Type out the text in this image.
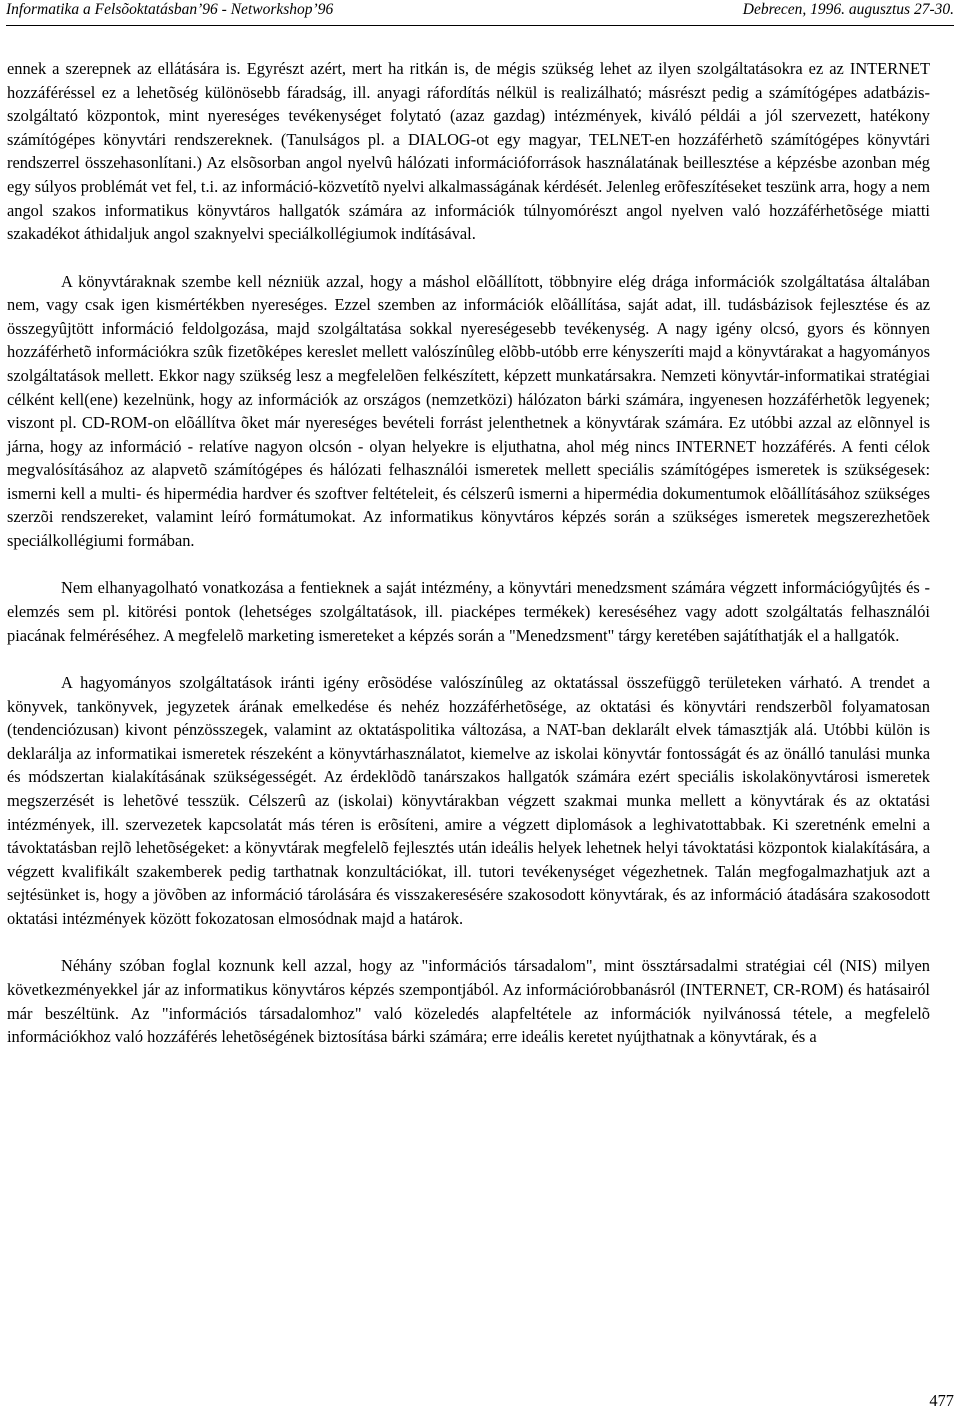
Informatika a Felsõoktatásban’96 - Networkshop’96	Debrecen, 1996. augusztus 27-30.

ennek a szerepnek az ellátására is. Egyrészt azért, mert ha ritkán is, de mégis szükség lehet az ilyen szolgáltatásokra ez az INTERNET hozzáféréssel ez a lehetõség különösebb fáradság, ill. anyagi ráfordítás nélkül is realizálható; másrészt pedig a számítógépes adatbázis-szolgáltató központok, mint nyereséges tevékenységet folytató (azaz gazdag) intézmények, kiváló példái a jól szervezett, hatékony számítógépes könyvtári rendszereknek. (Tanulságos pl. a DIALOG-ot egy magyar, TELNET-en hozzáférhetõ számítógépes könyvtári rendszerrel összehasonlítani.) Az elsõsorban angol nyelvû hálózati információforrások használatának beillesztése a képzésbe azonban még egy súlyos problémát vet fel, t.i. az információ-közvetítõ nyelvi alkalmasságának kérdését. Jelenleg erõfeszítéseket teszünk arra, hogy a nem angol szakos informatikus könyvtáros hallgatók számára az információk túlnyomórészt angol nyelven való hozzáférhetõsége miatti szakadékot áthidaljuk angol szaknyelvi speciálkollégiumok indításával.

A könyvtáraknak szembe kell nézniük azzal, hogy a máshol elõállított, többnyire elég drága információk szolgáltatása általában nem, vagy csak igen kismértékben nyereséges. Ezzel szemben az információk elõállítása, saját adat, ill. tudásbázisok fejlesztése és az összegyûjtött információ feldolgozása, majd szolgáltatása sokkal nyereségesebb tevékenység. A nagy igény olcsó, gyors és könnyen hozzáférhetõ információkra szûk fizetõképes kereslet mellett valószínûleg elõbb-utóbb erre kényszeríti majd a könyvtárakat a hagyományos szolgáltatások mellett. Ekkor nagy szükség lesz a megfelelõen felkészített, képzett munkatársakra. Nemzeti könyvtár-informatikai stratégiai célként kell(ene) kezelnünk, hogy az információk az országos (nemzetközi) hálózaton bárki számára, ingyenesen hozzáférhetõk legyenek; viszont pl. CD-ROM-on elõállítva õket már nyereséges bevételi forrást jelenthetnek a könyvtárak számára. Ez utóbbi azzal az elõnnyel is járna, hogy az információ - relatíve nagyon olcsón - olyan helyekre is eljuthatna, ahol még nincs INTERNET hozzáférés. A fenti célok megvalósításához az alapvetõ számítógépes és hálózati felhasználói ismeretek mellett speciális számítógépes ismeretek is szükségesek: ismerni kell a multi- és hipermédia hardver és szoftver feltételeit, és célszerû ismerni a hipermédia dokumentumok elõállításához szükséges szerzõi rendszereket, valamint leíró formátumokat. Az informatikus könyvtáros képzés során a szükséges ismeretek megszerezhetõek speciálkollégiumi formában.

Nem elhanyagolható vonatkozása a fentieknek a saját intézmény, a könyvtári menedzsment számára végzett információgyûjtés és -elemzés sem pl. kitörési pontok (lehetséges szolgáltatások, ill. piacképes termékek) kereséséhez vagy adott szolgáltatás felhasználói piacának felméréséhez. A megfelelõ marketing ismereteket a képzés során a "Menedzsment" tárgy keretében sajátíthatják el a hallgatók.

A hagyományos szolgáltatások iránti igény erõsödése valószínûleg az oktatással összefüggõ területeken várható. A trendet a könyvek, tankönyvek, jegyzetek árának emelkedése és nehéz hozzáférhetõsége, az oktatási és könyvtári rendszerbõl folyamatosan (tendenciózusan) kivont pénzösszegek, valamint az oktatáspolitika változása, a NAT-ban deklarált elvek támasztják alá. Utóbbi külön is deklarálja az informatikai ismeretek részeként a könyvtárhasználatot, kiemelve az iskolai könyvtár fontosságát és az önálló tanulási munka és módszertan kialakításának szükségességét. Az érdeklõdõ tanárszakos hallgatók számára ezért speciális iskolakönyvtárosi ismeretek megszerzését is lehetõvé tesszük. Célszerû az (iskolai) könyvtárakban végzett szakmai munka mellett a könyvtárak és az oktatási intézmények, ill. szervezetek kapcsolatát más téren is erõsíteni, amire a végzett diplomások a leghivatottabbak. Ki szeretnénk emelni a távoktatásban rejlõ lehetõségeket: a könyvtárak megfelelõ fejlesztés után ideális helyek lehetnek helyi távoktatási központok kialakítására, a végzett kvalifikált szakemberek pedig tarthatnak konzultációkat, ill. tutori tevékenységet végezhetnek. Talán megfogalmazhatjuk azt a sejtésünket is, hogy a jövõben az információ tárolására és visszakeresésére szakosodott könyvtárak, és az információ átadására szakosodott oktatási intézmények között fokozatosan elmosódnak majd a határok.

Néhány szóban foglal koznunk kell azzal, hogy az "információs társadalom", mint össztársadalmi stratégiai cél (NIS) milyen következményekkel jár az informatikus könyvtáros képzés szempontjából. Az információrobbanásról (INTERNET, CR-ROM) és hatásairól már beszéltünk. Az "információs társadalomhoz" való közeledés alapfeltétele az információk nyilvánossá tétele, a megfelelõ információkhoz való hozzáférés lehetõségének biztosítása bárki számára; erre ideális keretet nyújthatnak a könyvtárak, és a

477
